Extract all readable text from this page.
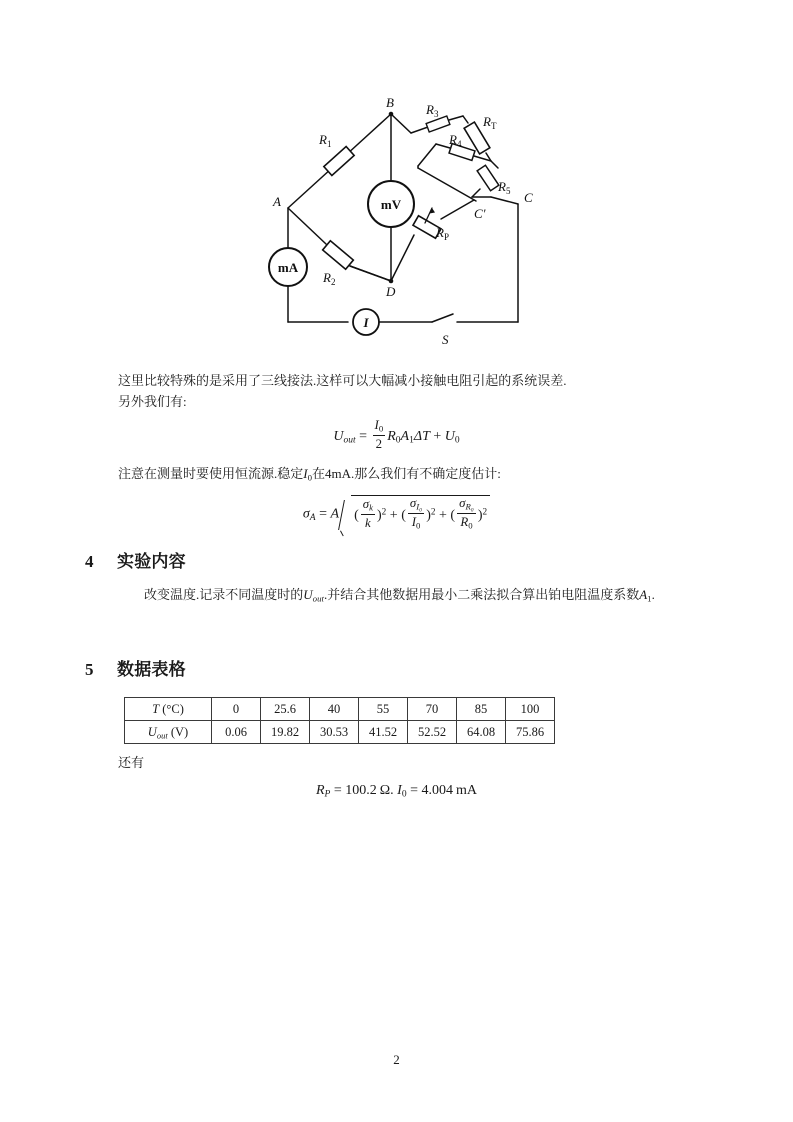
A
B
C
C'
D
$R_1$
$R_2$
$R_3$
$R_4$
$R_5$
$R_T$
$R_P$
S
mV
mA
I
这里比较特殊的是采用了三线接法.这样可以大幅减小接触电阻引起的系统误差.
另外我们有:
$U_{out} = \frac{I_0}{2} R_0A_1\Delta T + U_0$
注意在测量时要使用恒流源.稳定$I_0$在4mA.那么我们有不确定度估计:
$\sigma_A = A$ ( $\frac{\sigma_k}{k} )^2$ + ( $\frac{\sigma_{I_0}}{I_0} )^2$ + ( $\frac{\sigma_{R_0}}{R_0} )^2$
4 实验内容
改变温度.记录不同温度时的$U_{out}$.并结合其他数据用最小二乘法拟合算出铂电阻温度系数$A_1$.
5 数据表格
T (°C)	0	25.6	40	55	70	85	100
$U_{out}$ (V)	0.06	19.82	30.53	41.52	52.52	64.08	75.86
还有
$R_P = 100.2$ Ω. $I_0 = 4.004$ mA
2
